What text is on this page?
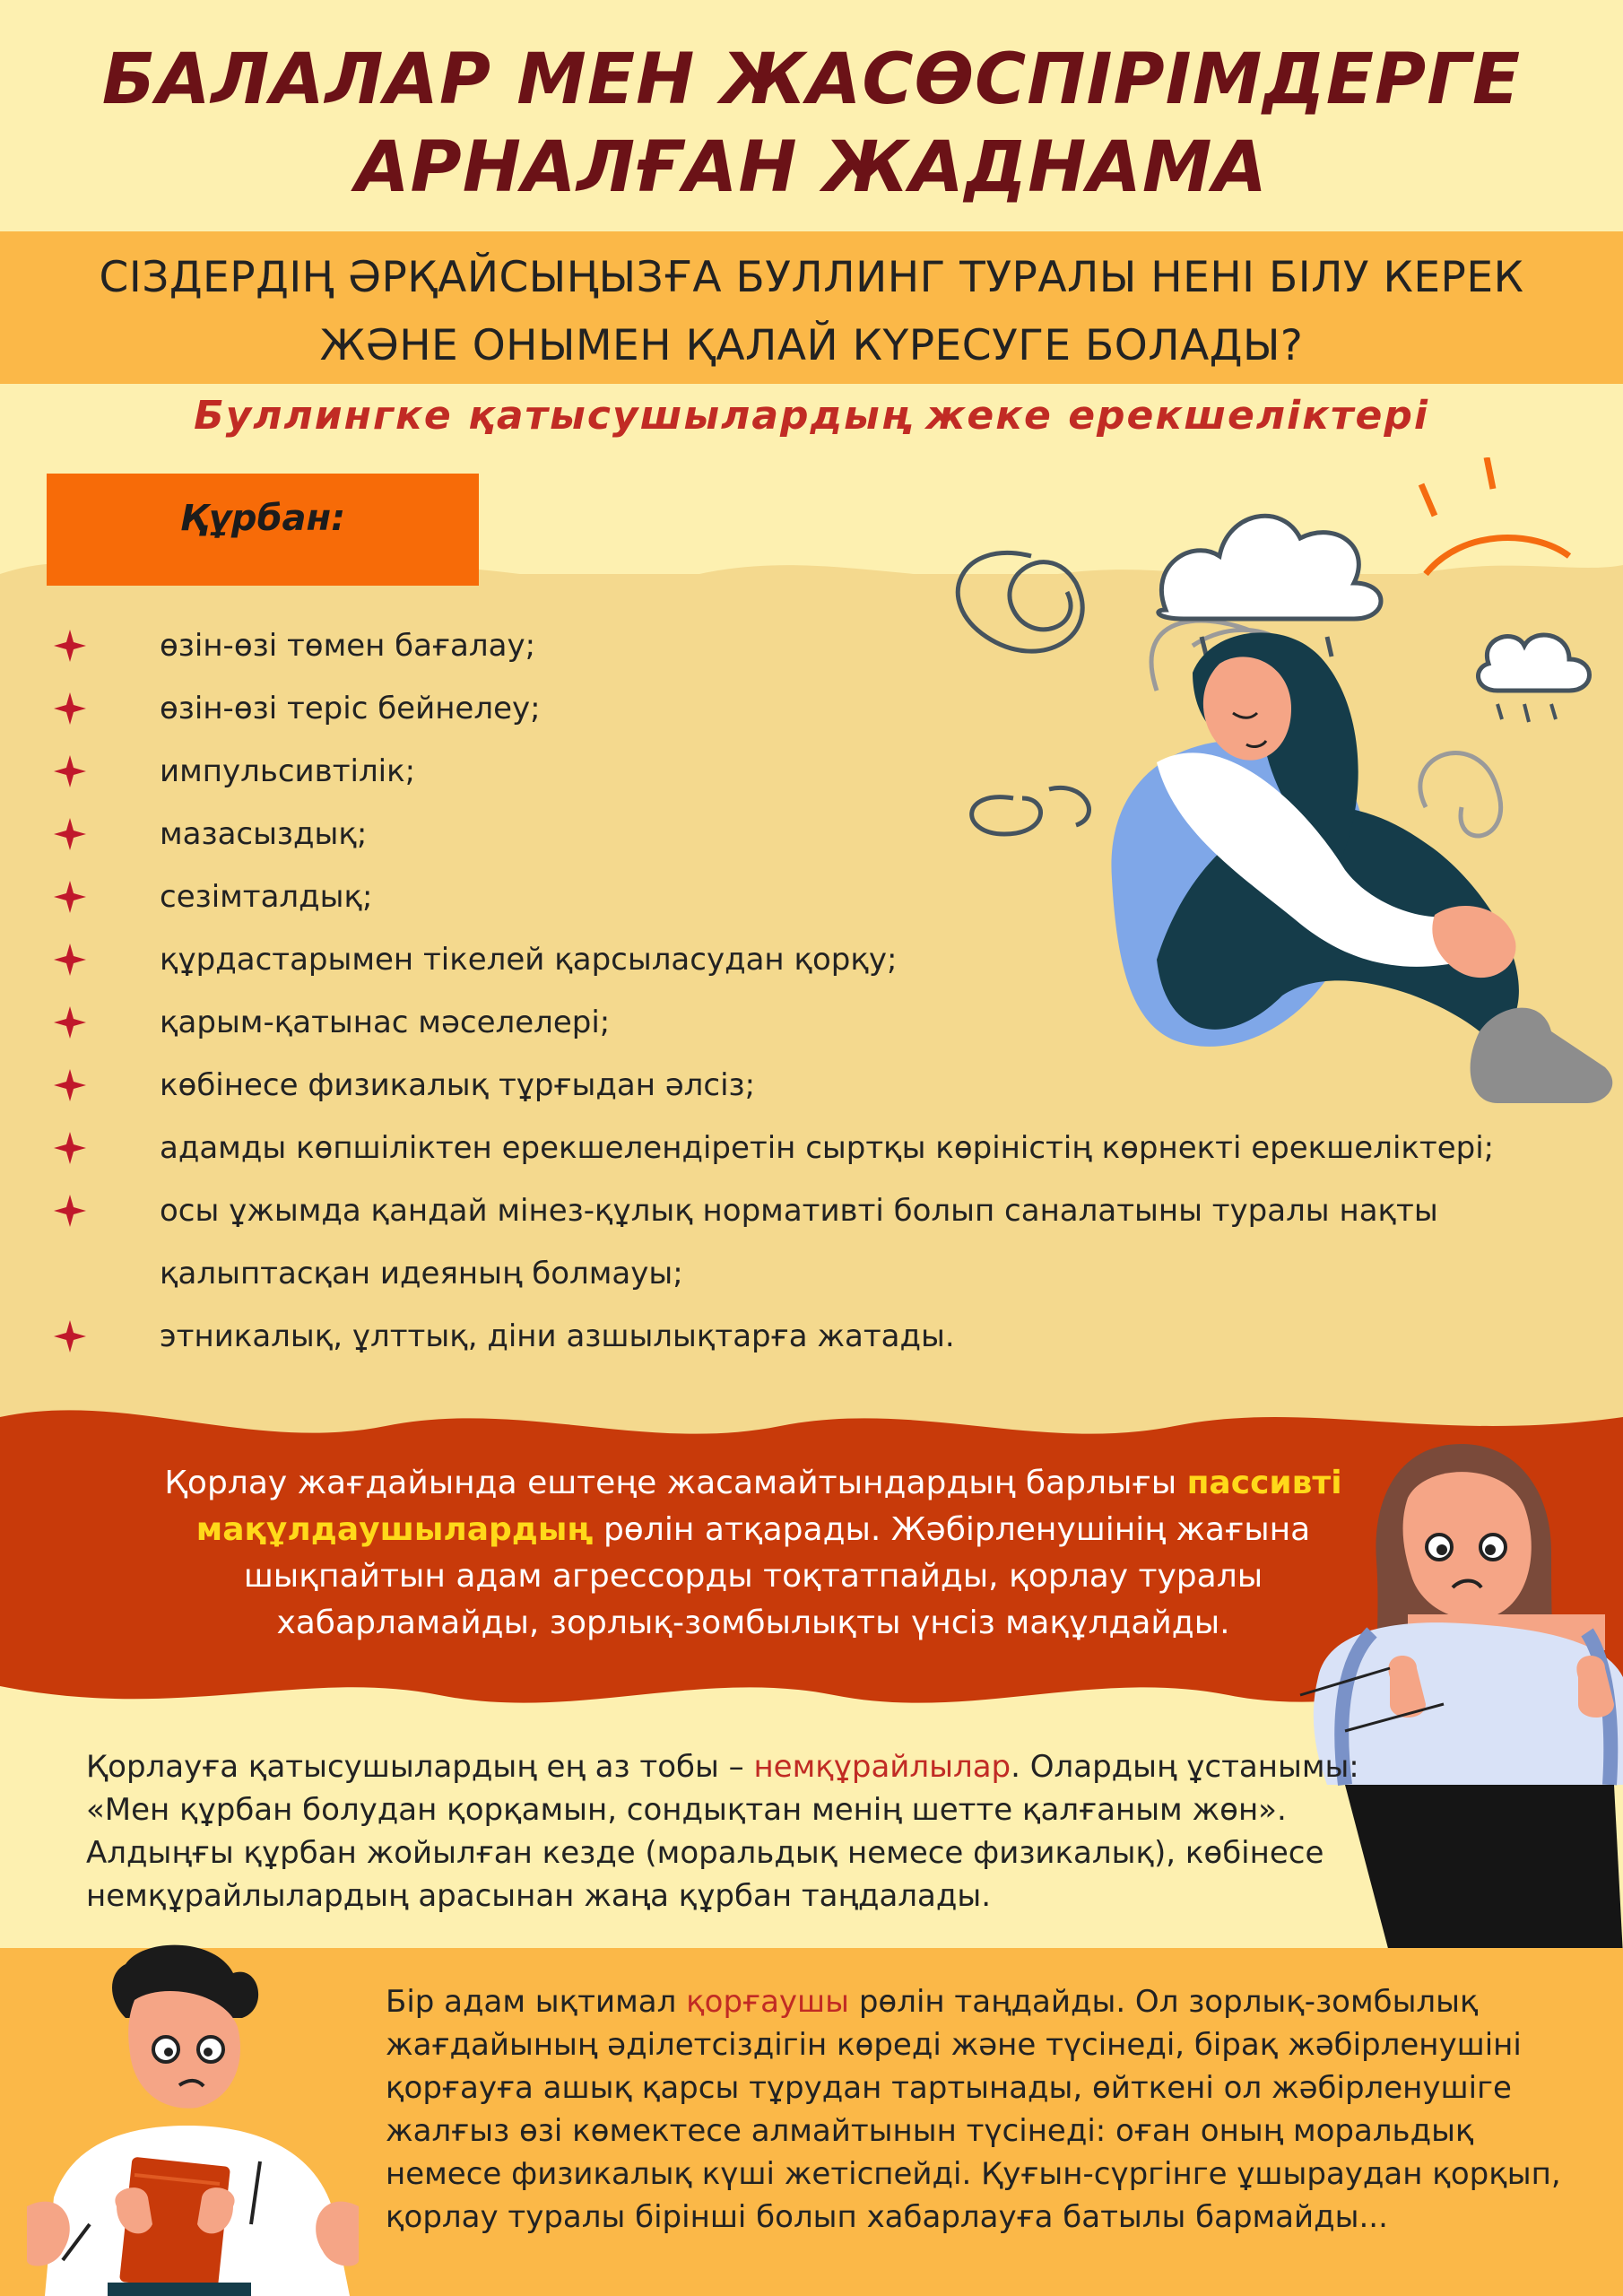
БАЛАЛАР МЕН ЖАСӨСПІРІМДЕРГЕ
АРНАЛҒАН ЖАДНАМА
СІЗДЕРДІҢ ӘРҚАЙСЫҢЫЗҒА БУЛЛИНГ ТУРАЛЫ НЕНІ БІЛУ КЕРЕК
ЖӘНЕ ОНЫМЕН ҚАЛАЙ КҮРЕСУГЕ БОЛАДЫ?
Буллингке қатысушылардың жеке ерекшеліктері
Құрбан:
өзін-өзі төмен бағалау;
өзін-өзі теріс бейнелеу;
импульсивтілік;
мазасыздық;
сезімталдық;
құрдастарымен тікелей қарсыласудан қорқу;
қарым-қатынас мәселелері;
көбінесе физикалық тұрғыдан әлсіз;
адамды көпшіліктен ерекшелендіретін сыртқы көріністің көрнекті ерекшеліктері;
осы ұжымда қандай мінез-құлық нормативті болып саналатыны туралы нақты
қалыптасқан идеяның болмауы;
этникалық, ұлттық, діни азшылықтарға жатады.
Қорлау жағдайында ештеңе жасамайтындардың барлығы пассивті мақұлдаушылардың рөлін атқарады. Жәбірленушінің жағына шықпайтын адам агрессорды тоқтатпайды, қорлау туралы хабарламайды, зорлық-зомбылықты үнсіз мақұлдайды.
Қорлауға қатысушылардың ең аз тобы – немқұрайлылар. Олардың ұстанымы: «Мен құрбан болудан қорқамын, сондықтан менің шетте қалғаным жөн». Алдыңғы құрбан жойылған кезде (моральдық немесе физикалық), көбінесе немқұрайлылардың арасынан жаңа құрбан таңдалады.
Бір адам ықтимал қорғаушы рөлін таңдайды. Ол зорлық-зомбылық жағдайының әділетсіздігін көреді және түсінеді, бірақ жәбірленушіні қорғауға ашық қарсы тұрудан тартынады, өйткені ол жәбірленушіге жалғыз өзі көмектесе алмайтынын түсінеді: оған оның моральдық немесе физикалық күші жетіспейді. Қуғын-сүргінге ұшыраудан қорқып, қорлау туралы бірінші болып хабарлауға батылы бармайды...
